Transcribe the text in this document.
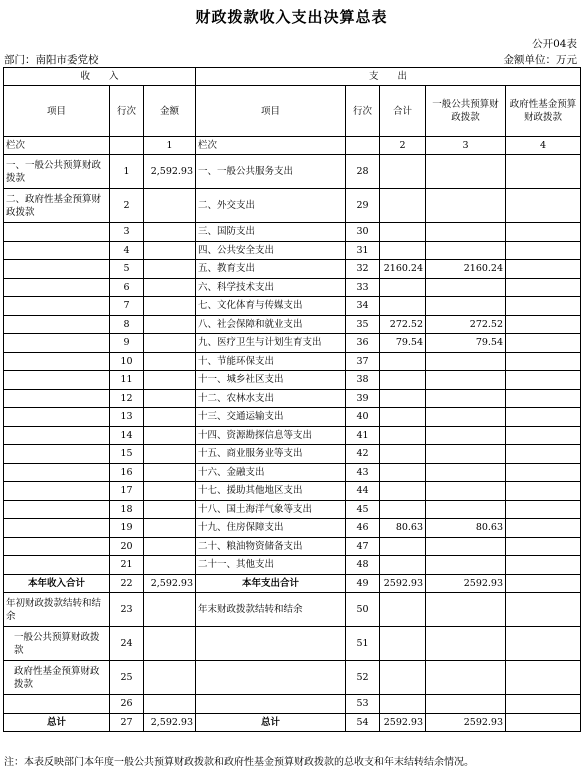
财政拨款收入支出决算总表
公开04表
部门：南阳市委党校	金额单位：万元
收　　入			支　　出				
项目	行次	金额	项目	行次	合计	一般公共预算财政拨款	政府性基金预算财政拨款
栏次		1	栏次		2	3	4
一、一般公共预算财政拨款	1	2,592.93	一、一般公共服务支出	28			
二、政府性基金预算财政拨款	2		二、外交支出	29			
	3		三、国防支出	30			
	4		四、公共安全支出	31			
	5		五、教育支出	32	2160.24	2160.24	
	6		六、科学技术支出	33			
	7		七、文化体育与传媒支出	34			
	8		八、社会保障和就业支出	35	272.52	272.52	
	9		九、医疗卫生与计划生育支出	36	79.54	79.54	
	10		十、节能环保支出	37			
	11		十一、城乡社区支出	38			
	12		十二、农林水支出	39			
	13		十三、交通运输支出	40			
	14		十四、资源勘探信息等支出	41			
	15		十五、商业服务业等支出	42			
	16		十六、金融支出	43			
	17		十七、援助其他地区支出	44			
	18		十八、国土海洋气象等支出	45			
	19		十九、住房保障支出	46	80.63	80.63	
	20		二十、粮油物资储备支出	47			
	21		二十一、其他支出	48			
本年收入合计	22	2,592.93	本年支出合计	49	2592.93	2592.93	
年初财政拨款结转和结余	23		年末财政拨款结转和结余	50			
一般公共预算财政拨款	24			51			
政府性基金预算财政拨款	25			52			
	26			53			
总计	27	2,592.93	总计	54	2592.93	2592.93	
注：本表反映部门本年度一般公共预算财政拨款和政府性基金预算财政拨款的总收支和年末结转结余情况。
